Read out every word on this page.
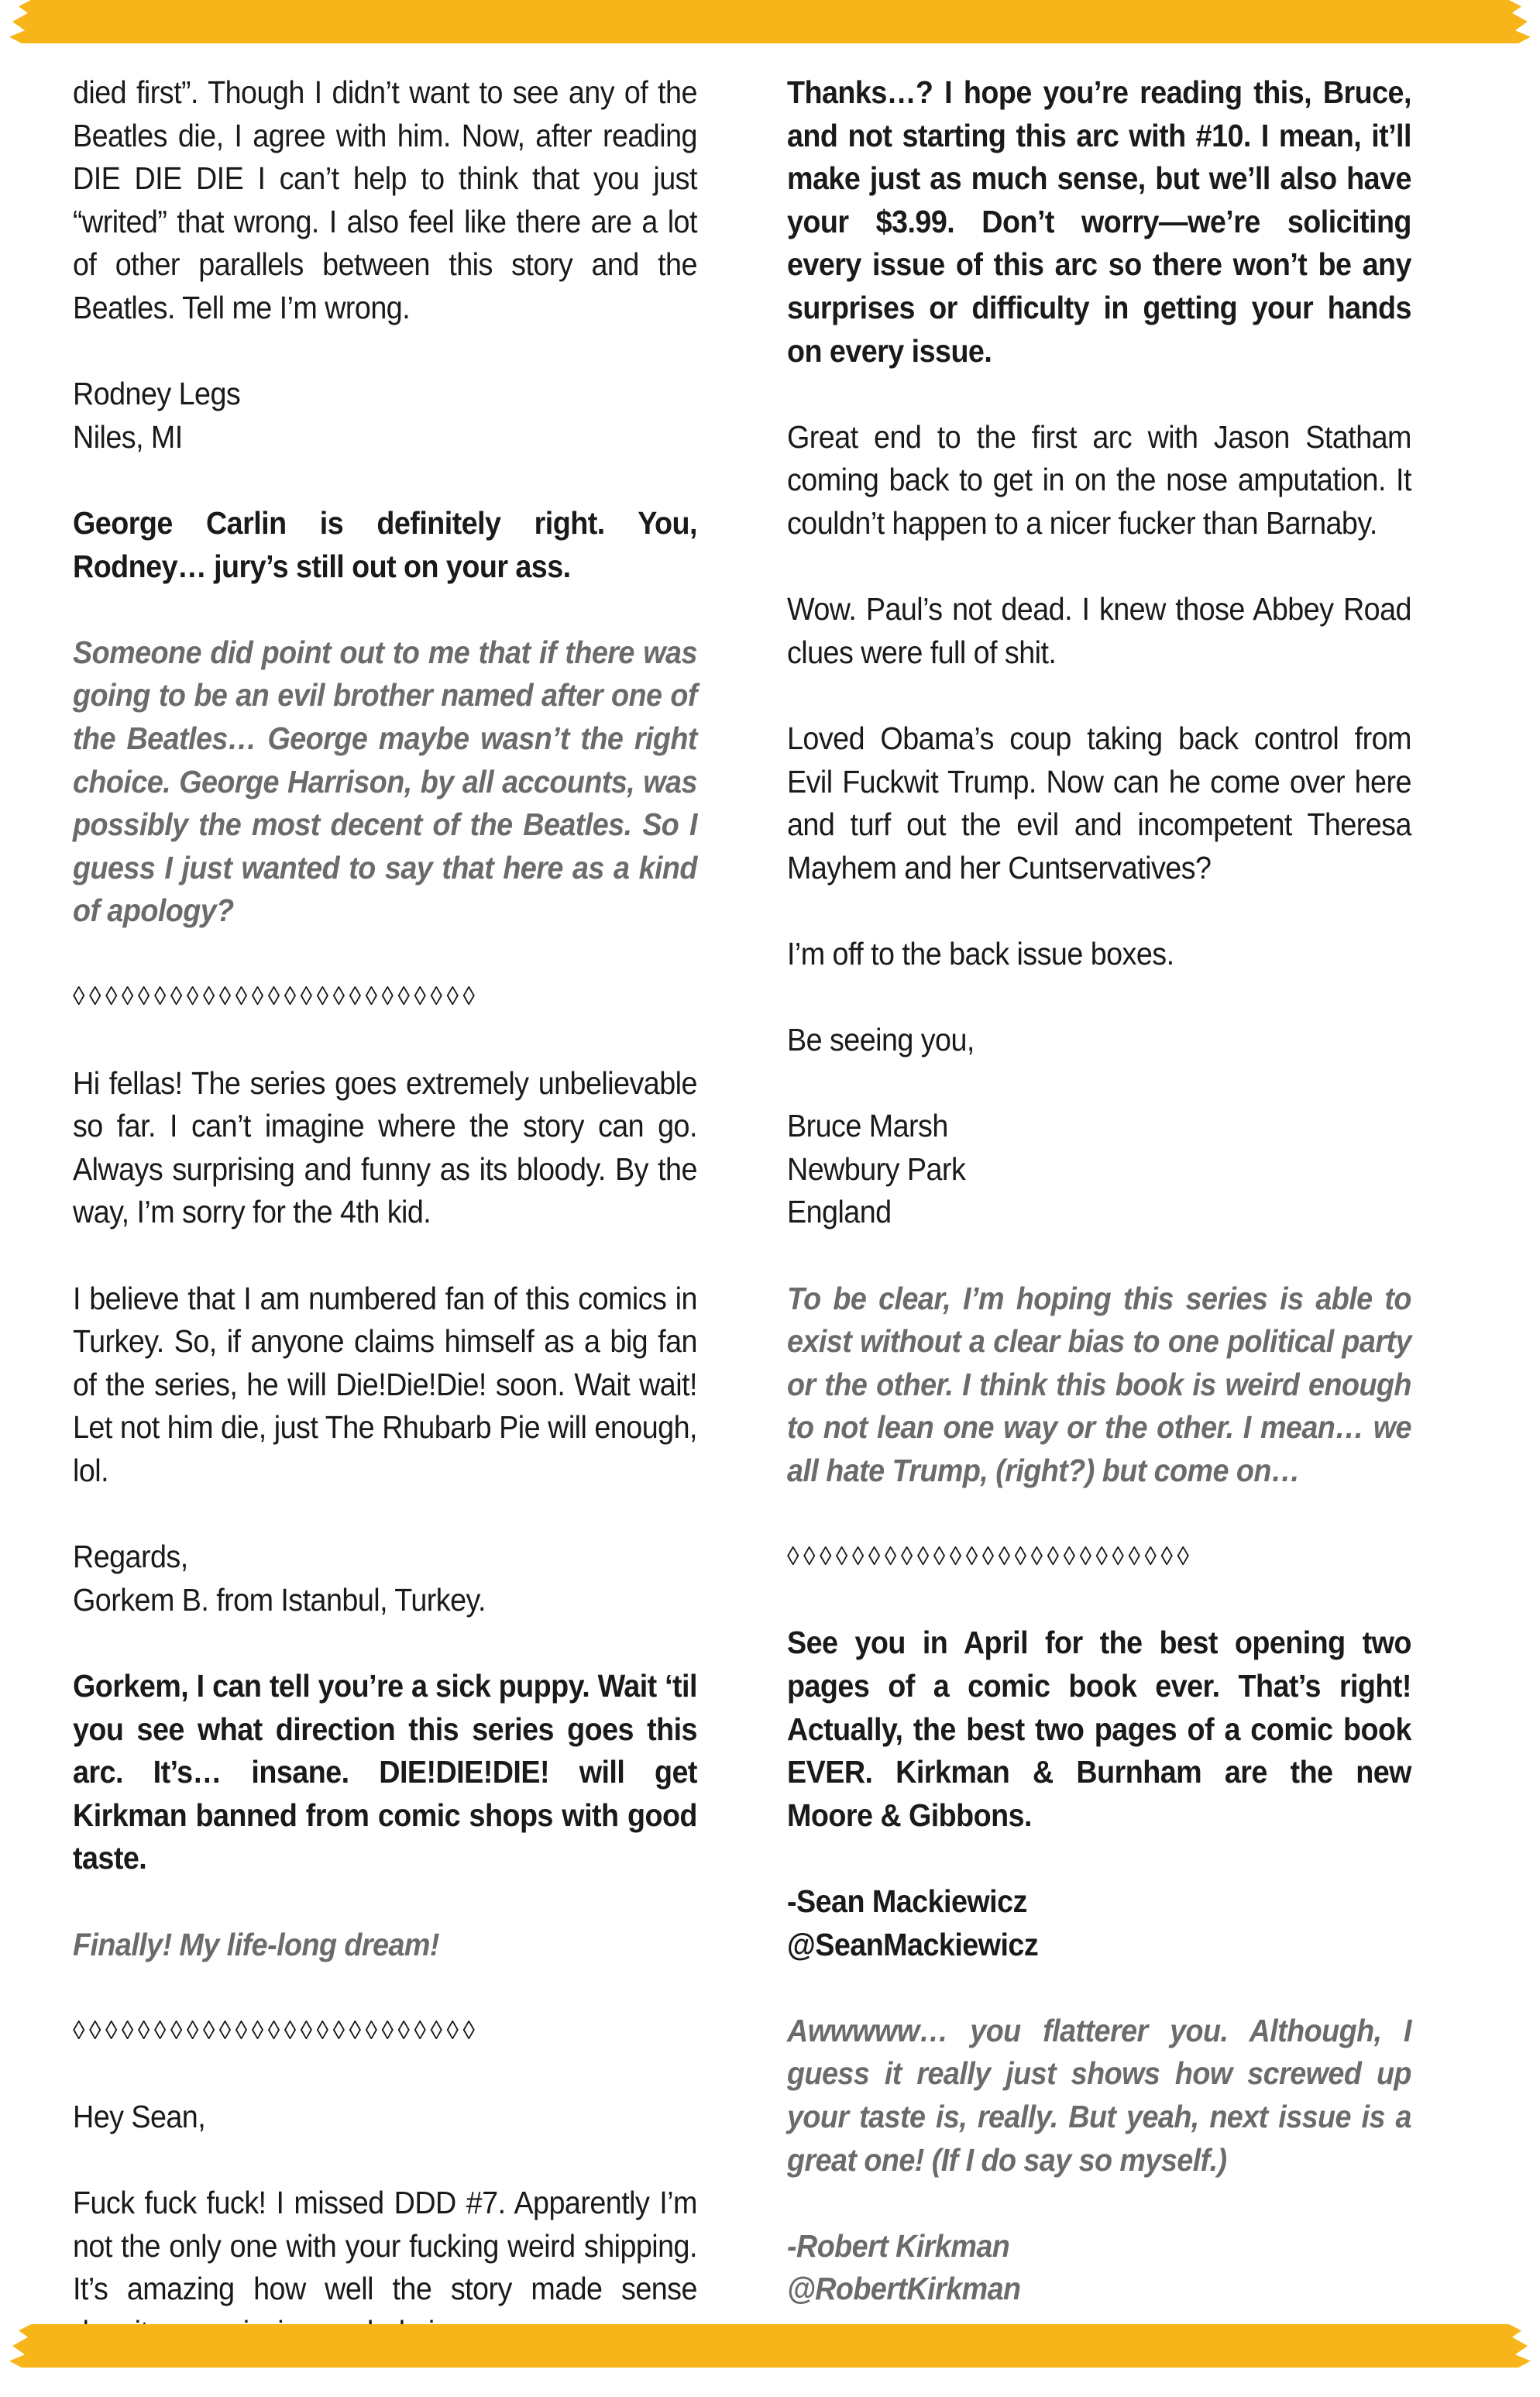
died first”. Though I didn’t want to see any of the Beatles die, I agree with him. Now, after reading DIE DIE DIE I can’t help to think that you just “writed” that wrong. I also feel like there are a lot of other parallels between this story and the Beatles. Tell me I’m wrong.

Rodney Legs
Niles, MI

George Carlin is definitely right. You, Rodney… jury’s still out on your ass.

Someone did point out to me that if there was going to be an evil brother named after one of the Beatles… George maybe wasn’t the right choice. George Harrison, by all accounts, was possibly the most decent of the Beatles. So I guess I just wanted to say that here as a kind of apology?

◊◊◊◊◊◊◊◊◊◊◊◊◊◊◊◊◊◊◊◊◊◊◊◊◊

Hi fellas! The series goes extremely unbelievable so far. I can’t imagine where the story can go. Always surprising and funny as its bloody. By the way, I’m sorry for the 4th kid.

I believe that I am numbered fan of this comics in Turkey. So, if anyone claims himself as a big fan of the series, he will Die!Die!Die! soon. Wait wait! Let not him die, just The Rhubarb Pie will enough, lol.

Regards,
Gorkem B. from Istanbul, Turkey.

Gorkem, I can tell you’re a sick puppy. Wait ‘til you see what direction this series goes this arc. It’s… insane. DIE!DIE!DIE! will get Kirkman banned from comic shops with good taste.

Finally! My life-long dream!

◊◊◊◊◊◊◊◊◊◊◊◊◊◊◊◊◊◊◊◊◊◊◊◊◊

Hey Sean,

Fuck fuck fuck! I missed DDD #7. Apparently I’m not the only one with your fucking weird shipping. It’s amazing how well the story made sense

Thanks…? I hope you’re reading this, Bruce, and not starting this arc with #10. I mean, it’ll make just as much sense, but we’ll also have your $3.99. Don’t worry—we’re soliciting every issue of this arc so there won’t be any surprises or difficulty in getting your hands on every issue.

Great end to the first arc with Jason Statham coming back to get in on the nose amputation. It couldn’t happen to a nicer fucker than Barnaby.

Wow. Paul’s not dead. I knew those Abbey Road clues were full of shit.

Loved Obama’s coup taking back control from Evil Fuckwit Trump. Now can he come over here and turf out the evil and incompetent Theresa Mayhem and her Cuntservatives?

I’m off to the back issue boxes.

Be seeing you,

Bruce Marsh
Newbury Park
England

To be clear, I’m hoping this series is able to exist without a clear bias to one political party or the other. I think this book is weird enough to not lean one way or the other. I mean… we all hate Trump, (right?) but come on…

◊◊◊◊◊◊◊◊◊◊◊◊◊◊◊◊◊◊◊◊◊◊◊◊◊

See you in April for the best opening two pages of a comic book ever. That’s right! Actually, the best two pages of a comic book EVER. Kirkman & Burnham are the new Moore & Gibbons.

-Sean Mackiewicz
@SeanMackiewicz

Awwwww… you flatterer you. Although, I guess it really just shows how screwed up your taste is, really. But yeah, next issue is a great one! (If I do say so myself.)

-Robert Kirkman
@RobertKirkman
